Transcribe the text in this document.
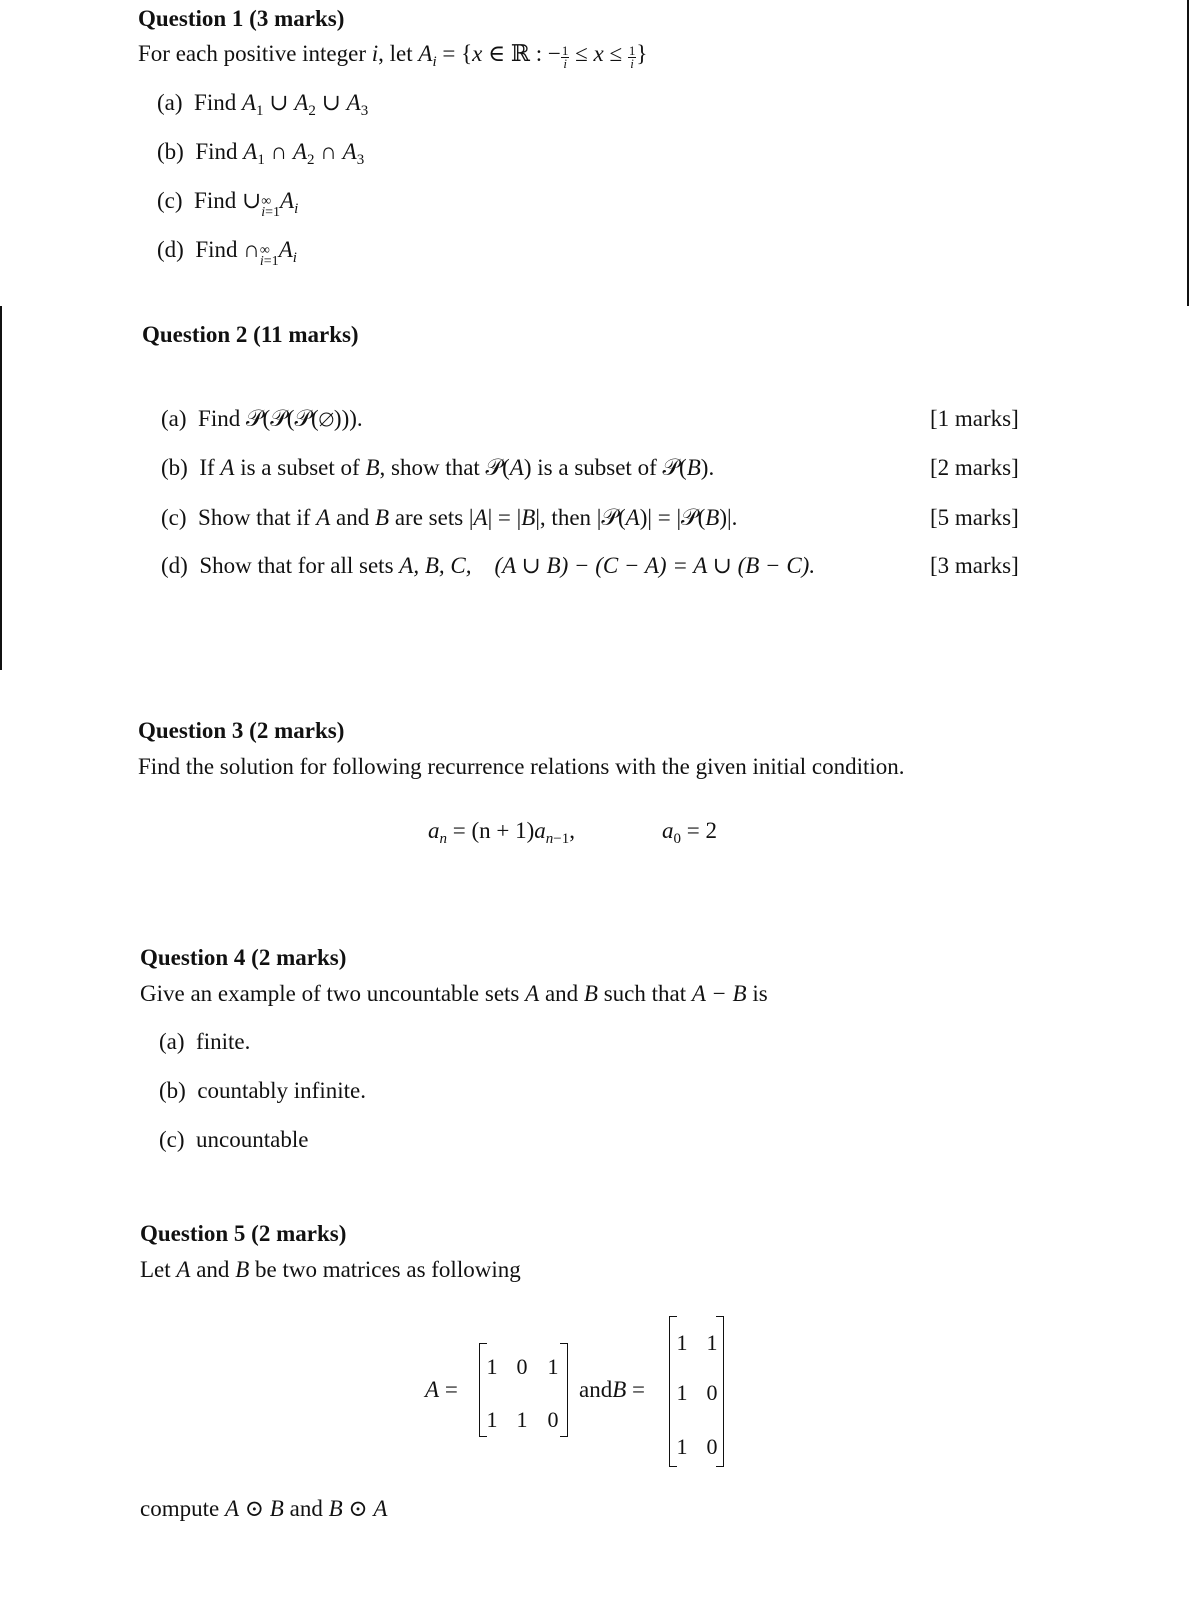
Question 1 (3 marks)
For each positive integer i, let $A_i = \{x$ ∈ ℝ : − $\frac{1}{i} \le x \le \frac{1}{i}$ }
(a) Find $A_1$ ∪ $A_2$ ∪ $A_3$
(b) Find $A_1$ ∩ $A_2$ ∩ $A_3$
(c) Find ∪ ∞
i=1 $A_i$
(d) Find ∩ ∞
i=1 $A_i$
Question 2 (11 marks)
(a) Find 𝒫(𝒫(𝒫(∅))).	[1 marks]
(b) If A is a subset of B, show that 𝒫(A) is a subset of 𝒫(B).	[2 marks]
(c) Show that if A and B are sets |A| = |B|, then |𝒫(A)| = |𝒫(B)|.	[5 marks]
(d) Show that for all sets A, B, C, (A ∪ B) − (C − A) = A ∪ (B − C).	[3 marks]
Question 3 (2 marks)
Find the solution for following recurrence relations with the given initial condition.
$a_n = (n + 1)a_{n-1}$,	$a_0 = 2$
Question 4 (2 marks)
Give an example of two uncountable sets A and B such that A − B is
(a) finite.
(b) countably infinite.
(c) uncountable
Question 5 (2 marks)
Let A and B be two matrices as following
A =
1 0 1
1 1 0
andB =
1 1
1 0
1 0
compute A ⊙ B and B ⊙ A
